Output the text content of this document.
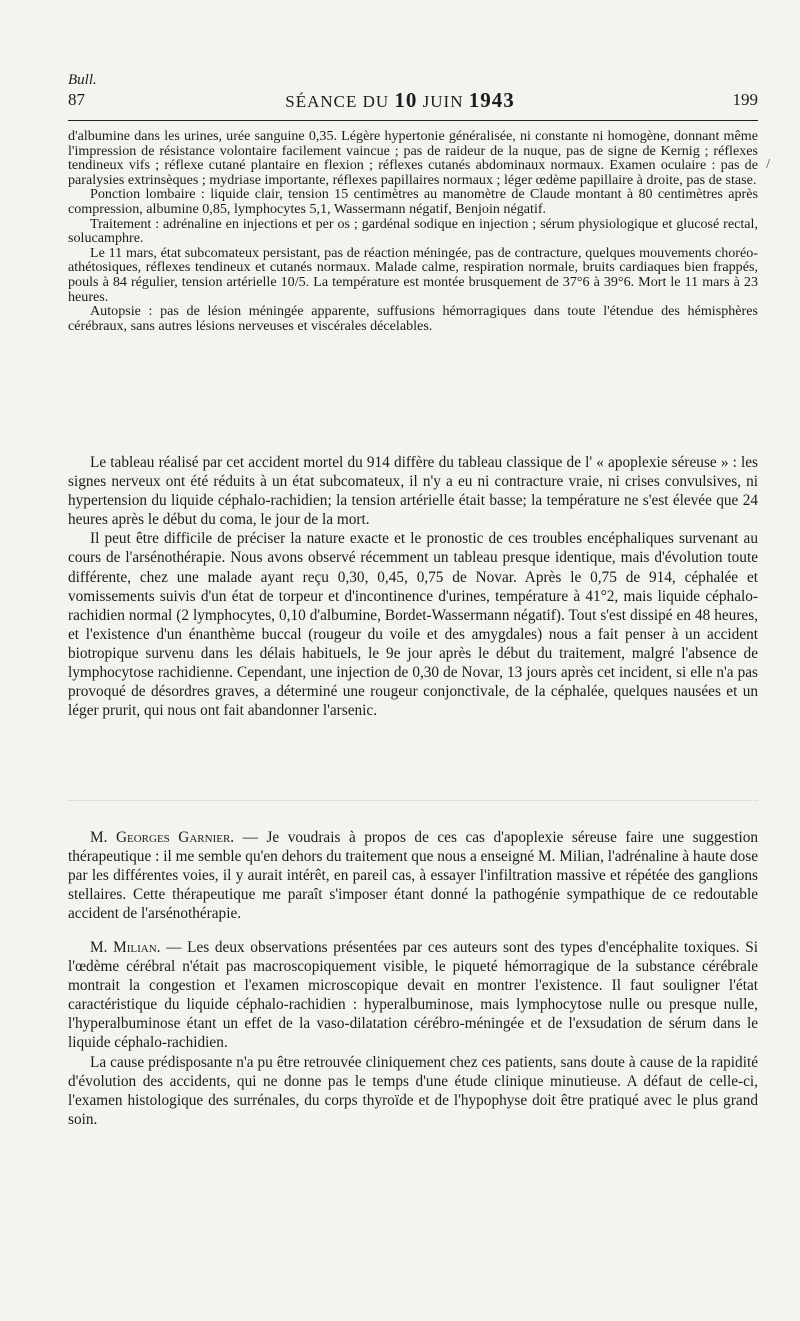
Bull.
87	SÉANCE DU 10 JUIN 1943	199
/

d'albumine dans les urines, urée sanguine 0,35. Légère hypertonie généralisée, ni constante ni homogène, donnant même l'impression de résistance volontaire facilement vaincue ; pas de raideur de la nuque, pas de signe de Kernig ; réflexes tendineux vifs ; réflexe cutané plantaire en flexion ; réflexes cutanés abdominaux normaux. Examen oculaire : pas de paralysies extrinsèques ; mydriase importante, réflexes papillaires normaux ; léger œdème papillaire à droite, pas de stase.

Ponction lombaire : liquide clair, tension 15 centimètres au manomètre de Claude montant à 80 centimètres après compression, albumine 0,85, lymphocytes 5,1, Wassermann négatif, Benjoin négatif.

Traitement : adrénaline en injections et per os ; gardénal sodique en injection ; sérum physiologique et glucosé rectal, solucamphre.

Le 11 mars, état subcomateux persistant, pas de réaction méningée, pas de contracture, quelques mouvements choréo-athétosiques, réflexes tendineux et cutanés normaux. Malade calme, respiration normale, bruits cardiaques bien frappés, pouls à 84 régulier, tension artérielle 10/5. La température est montée brusquement de 37°6 à 39°6. Mort le 11 mars à 23 heures.

Autopsie : pas de lésion méningée apparente, suffusions hémorragiques dans toute l'étendue des hémisphères cérébraux, sans autres lésions nerveuses et viscérales décelables.

Le tableau réalisé par cet accident mortel du 914 diffère du tableau classique de l' « apoplexie séreuse » : les signes nerveux ont été réduits à un état subcomateux, il n'y a eu ni contracture vraie, ni crises convulsives, ni hypertension du liquide céphalo-rachidien; la tension artérielle était basse; la température ne s'est élevée que 24 heures après le début du coma, le jour de la mort.

Il peut être difficile de préciser la nature exacte et le pronostic de ces troubles encéphaliques survenant au cours de l'arsénothérapie. Nous avons observé récemment un tableau presque identique, mais d'évolution toute différente, chez une malade ayant reçu 0,30, 0,45, 0,75 de Novar. Après le 0,75 de 914, céphalée et vomissements suivis d'un état de torpeur et d'incontinence d'urines, température à 41°2, mais liquide céphalo-rachidien normal (2 lymphocytes, 0,10 d'albumine, Bordet-Wassermann négatif). Tout s'est dissipé en 48 heures, et l'existence d'un énanthème buccal (rougeur du voile et des amygdales) nous a fait penser à un accident biotropique survenu dans les délais habituels, le 9e jour après le début du traitement, malgré l'absence de lymphocytose rachidienne. Cependant, une injection de 0,30 de Novar, 13 jours après cet incident, si elle n'a pas provoqué de désordres graves, a déterminé une rougeur conjonctivale, de la céphalée, quelques nausées et un léger prurit, qui nous ont fait abandonner l'arsenic.

M. Georges Garnier. — Je voudrais à propos de ces cas d'apoplexie séreuse faire une suggestion thérapeutique : il me semble qu'en dehors du traitement que nous a enseigné M. Milian, l'adrénaline à haute dose par les différentes voies, il y aurait intérêt, en pareil cas, à essayer l'infiltration massive et répétée des ganglions stellaires. Cette thérapeutique me paraît s'imposer étant donné la pathogénie sympathique de ce redoutable accident de l'arsénothérapie.

M. Milian. — Les deux observations présentées par ces auteurs sont des types d'encéphalite toxiques. Si l'œdème cérébral n'était pas macroscopiquement visible, le piqueté hémorragique de la substance cérébrale montrait la congestion et l'examen microscopique devait en montrer l'existence. Il faut souligner l'état caractéristique du liquide céphalo-rachidien : hyperalbuminose, mais lymphocytose nulle ou presque nulle, l'hyperalbuminose étant un effet de la vaso-dilatation cérébro-méningée et de l'exsudation de sérum dans le liquide céphalo-rachidien.

La cause prédisposante n'a pu être retrouvée cliniquement chez ces patients, sans doute à cause de la rapidité d'évolution des accidents, qui ne donne pas le temps d'une étude clinique minutieuse. A défaut de celle-ci, l'examen histologique des surrénales, du corps thyroïde et de l'hypophyse doit être pratiqué avec le plus grand soin.
